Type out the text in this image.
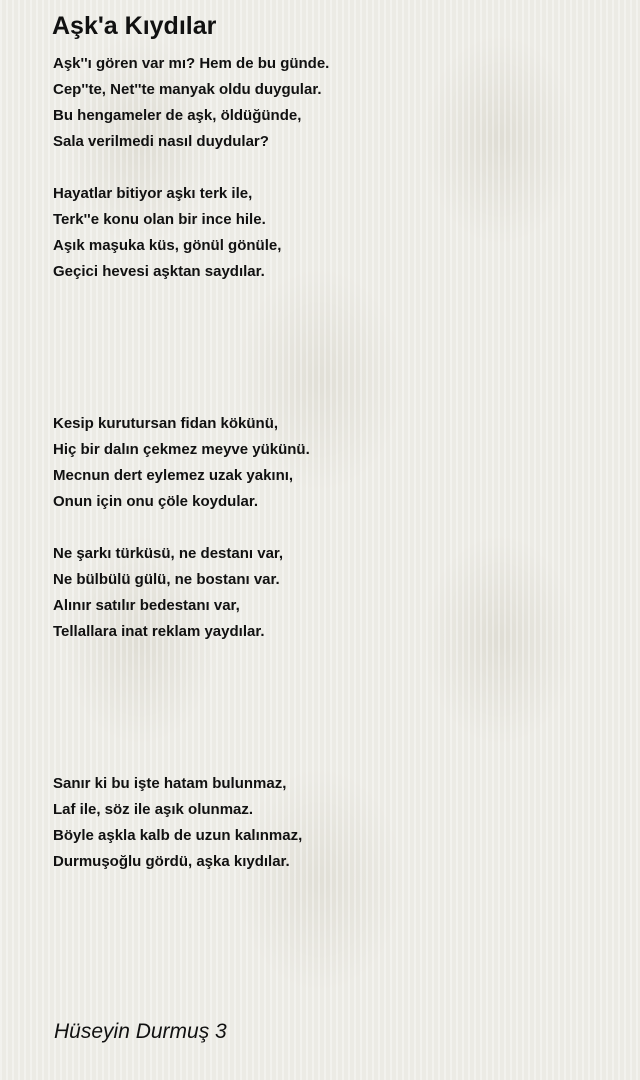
Aşk'a Kıydılar
Aşk''ı gören var mı? Hem de bu günde.
Cep''te, Net''te manyak oldu duygular.
Bu hengameler de aşk, öldüğünde,
Sala verilmedi nasıl duydular?
Hayatlar bitiyor aşkı terk ile,
Terk''e konu olan bir ince hile.
Aşık maşuka küs, gönül gönüle,
Geçici hevesi aşktan saydılar.
Kesip kurutursan fidan kökünü,
Hiç bir dalın çekmez meyve yükünü.
Mecnun dert eylemez uzak yakını,
Onun için onu çöle koydular.
Ne şarkı türküsü, ne destanı var,
Ne bülbülü gülü, ne bostanı var.
Alınır satılır bedestanı var,
Tellallara inat reklam yaydılar.
Sanır ki bu işte hatam bulunmaz,
Laf ile, söz ile aşık olunmaz.
Böyle aşkla kalb de uzun kalınmaz,
Durmuşoğlu gördü, aşka kıydılar.

Hüseyin Durmuş 3
